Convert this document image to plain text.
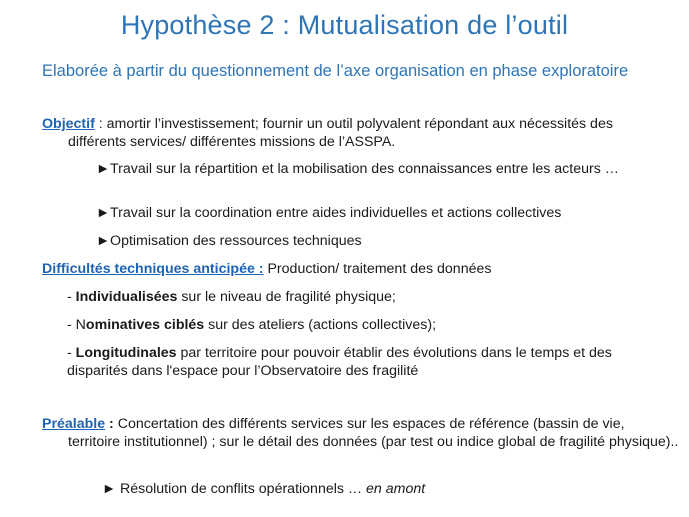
Hypothèse 2 : Mutualisation de l’outil
Elaborée à partir du questionnement de l’axe organisation en phase exploratoire
Objectif : amortir l’investissement; fournir un outil polyvalent répondant aux nécessités des différents services/ différentes missions de l’ASSPA.
►Travail sur la répartition et la mobilisation des connaissances entre les acteurs …
►Travail sur la coordination entre aides individuelles et actions collectives
►Optimisation des ressources techniques
Difficultés techniques anticipée : Production/ traitement des données
- Individualisées sur le niveau de fragilité physique;
- Nominatives ciblés sur des ateliers (actions collectives);
- Longitudinales par territoire pour pouvoir établir des évolutions dans le temps et des disparités dans l'espace pour l’Observatoire des fragilité
Préalable : Concertation des différents services sur les espaces de référence (bassin de vie, territoire institutionnel) ; sur le détail des données (par test ou indice global de fragilité physique)..
► Résolution de conflits opérationnels … en amont
